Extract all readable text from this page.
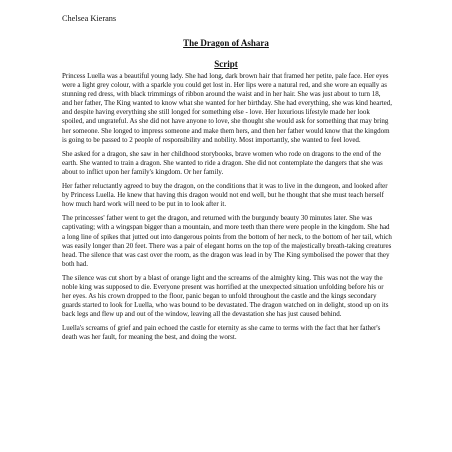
Chelsea Kierans
The Dragon of Ashara
Script

Princess Luella was a beautiful young lady. She had long, dark brown hair that framed her petite, pale face. Her eyes were a light grey colour, with a sparkle you could get lost in. Her lips were a natural red, and she wore an equally as stunning red dress, with black trimmings of ribbon around the waist and in her hair. She was just about to turn 18, and her father, The King wanted to know what she wanted for her birthday. She had everything, she was kind hearted, and despite having everything she still longed for something else - love. Her luxurious lifestyle made her look spoiled, and ungrateful. As she did not have anyone to love, she thought she would ask for something that may bring her someone. She longed to impress someone and make them hers, and then her father would know that the kingdom is going to be passed to 2 people of responsibility and nobility. Most importantly, she wanted to feel loved.

She asked for a dragon, she saw in her childhood storybooks, brave women who rode on dragons to the end of the earth. She wanted to train a dragon. She wanted to ride a dragon. She did not contemplate the dangers that she was about to inflict upon her family's kingdom. Or her family.

Her father reluctantly agreed to buy the dragon, on the conditions that it was to live in the dungeon, and looked after by Princess Luella. He knew that having this dragon would not end well, but he thought that she must teach herself how much hard work will need to be put in to look after it.

The princesses' father went to get the dragon, and returned with the burgundy beauty 30 minutes later. She was captivating; with a wingspan bigger than a mountain, and more teeth than there were people in the kingdom. She had a long line of spikes that jutted out into dangerous points from the bottom of her neck, to the bottom of her tail, which was easily longer than 20 feet. There was a pair of elegant horns on the top of the majestically breath-taking creatures head. The silence that was cast over the room, as the dragon was lead in by The King symbolised the power that they both had.

The silence was cut short by a blast of orange light and the screams of the almighty king. This was not the way the noble king was supposed to die. Everyone present was horrified at the unexpected situation unfolding before his or her eyes. As his crown dropped to the floor, panic began to unfold throughout the castle and the kings secondary guards started to look for Luella, who was bound to be devastated. The dragon watched on in delight, stood up on its back legs and flew up and out of the window, leaving all the devastation she has just caused behind.

Luella's screams of grief and pain echoed the castle for eternity as she came to terms with the fact that her father's death was her fault, for meaning the best, and doing the worst.
